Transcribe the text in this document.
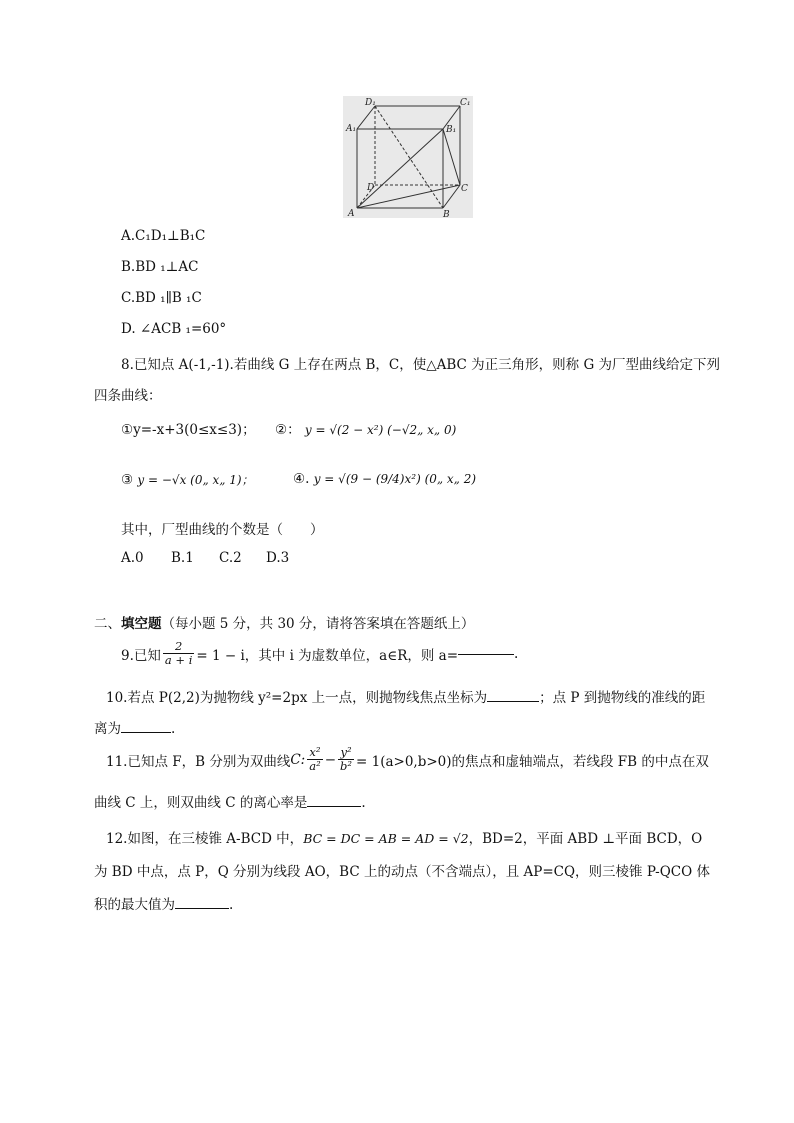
D₁	C₁
A₁	B₁
D	C
A	B
A.C₁D₁⊥B₁C
B.BD ₁⊥AC
C.BD ₁∥B ₁C
D. ∠ACB ₁=60°
8.已知点 A(-1,-1).若曲线 G 上存在两点 B，C，使△ABC 为正三角形，则称 G 为厂型曲线给定下列
四条曲线：
①y=-x+3(0≤x≤3)； ②： y = √(2 − x²) (−√2„ x„ 0)
③ y = −√x (0„ x„ 1)；	④. y = √(9 − (9/4)x²) (0„ x„ 2)
其中，厂型曲线的个数是（　　）
A.0 B.1 C.2 D.3
二、填空题（每小题 5 分，共 30 分，请将答案填在答题纸上）
9.已知 $\frac{2}{a + i} = 1 - i$，其中 i 为虚数单位，a∈R，则 a=	.
10.若点 P(2,2)为抛物线 y²=2px 上一点，则抛物线焦点坐标为	；点 P 到抛物线的准线的距
离为	.
11.已知点 F，B 分别为双曲线 C: $\frac{\text{x²}}{\text{a²}} - \frac{\text{y²}}{\text{b²}} = 1(a>0,b>0)$的焦点和虚轴端点，若线段 FB 的中点在双
曲线 C 上，则双曲线 C 的离心率是	.
12.如图，在三棱锥 A-BCD 中， BC = DC = AB = AD = √2 ，BD=2，平面 ABD ⊥平面 BCD，O
为 BD 中点，点 P，Q 分别为线段 AO，BC 上的动点（不含端点），且 AP=CQ，则三棱锥 P-QCO 体
积的最大值为	.
